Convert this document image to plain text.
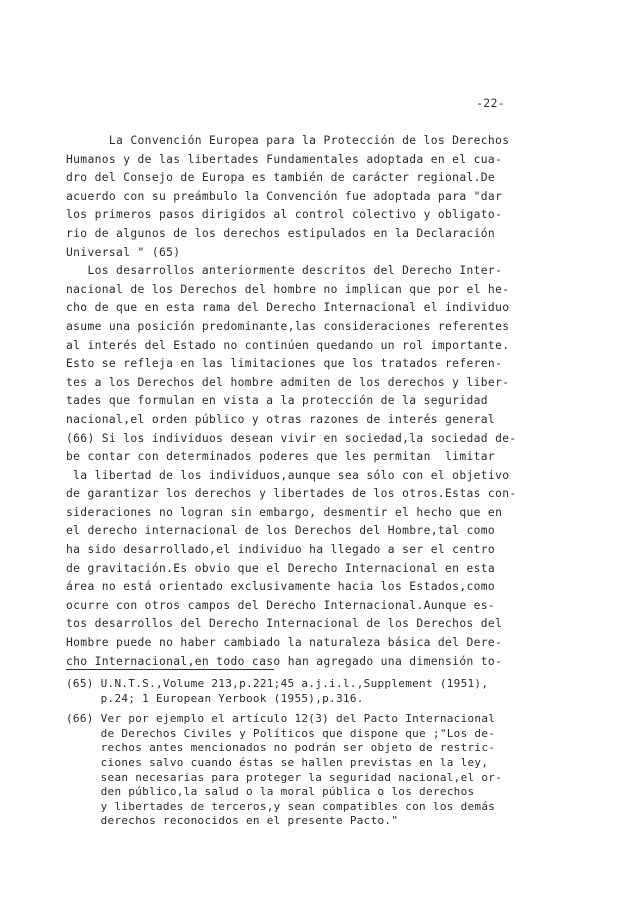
-22-
La Convención Europea para la Protección de los Derechos
Humanos y de las libertades Fundamentales adoptada en el cua-
dro del Consejo de Europa es también de carácter regional.De
acuerdo con su preámbulo la Convención fue adoptada para "dar
los primeros pasos dirigidos al control colectivo y obligato-
rio de algunos de los derechos estipulados en la Declaración
Universal " (65)
Los desarrollos anteriormente descritos del Derecho Inter-
nacional de los Derechos del hombre no implican que por el he-
cho de que en esta rama del Derecho Internacional el individuo
asume una posición predominante,las consideraciones referentes
al interés del Estado no continúen quedando un rol importante.
Esto se refleja en las limitaciones que los tratados referen-
tes a los Derechos del hombre admiten de los derechos y liber-
tades que formulan en vista a la protección de la seguridad
nacional,el orden público y otras razones de interés general
(66) Si los individuos desean vivir en sociedad,la sociedad de-
be contar con determinados poderes que les permitan  limitar
la libertad de los individuos,aunque sea sólo con el objetivo
de garantizar los derechos y libertades de los otros.Estas con-
sideraciones no logran sin embargo, desmentir el hecho que en
el derecho internacional de los Derechos del Hombre,tal como
ha sido desarrollado,el individuo ha llegado a ser el centro
de gravitación.Es obvio que el Derecho Internacional en esta
área no está orientado exclusivamente hacia los Estados,como
ocurre con otros campos del Derecho Internacional.Aunque es-
tos desarrollos del Derecho Internacional de los Derechos del
Hombre puede no haber cambiado la naturaleza básica del Dere-
cho Internacional,en todo caso han agregado una dimensión to-
(65) U.N.T.S.,Volume 213,p.221;45 a.j.i.l.,Supplement (1951),
p.24; 1 European Yerbook (1955),p.316.
(66) Ver por ejemplo el artículo 12(3) del Pacto Internacional
de Derechos Civiles y Políticos que dispone que ;"Los de-
rechos antes mencionados no podrán ser objeto de restric-
ciones salvo cuando éstas se hallen previstas en la ley,
sean necesarias para proteger la seguridad nacional,el or-
den público,la salud o la moral pública o los derechos
y libertades de terceros,y sean compatibles con los demás
derechos reconocidos en el presente Pacto."
